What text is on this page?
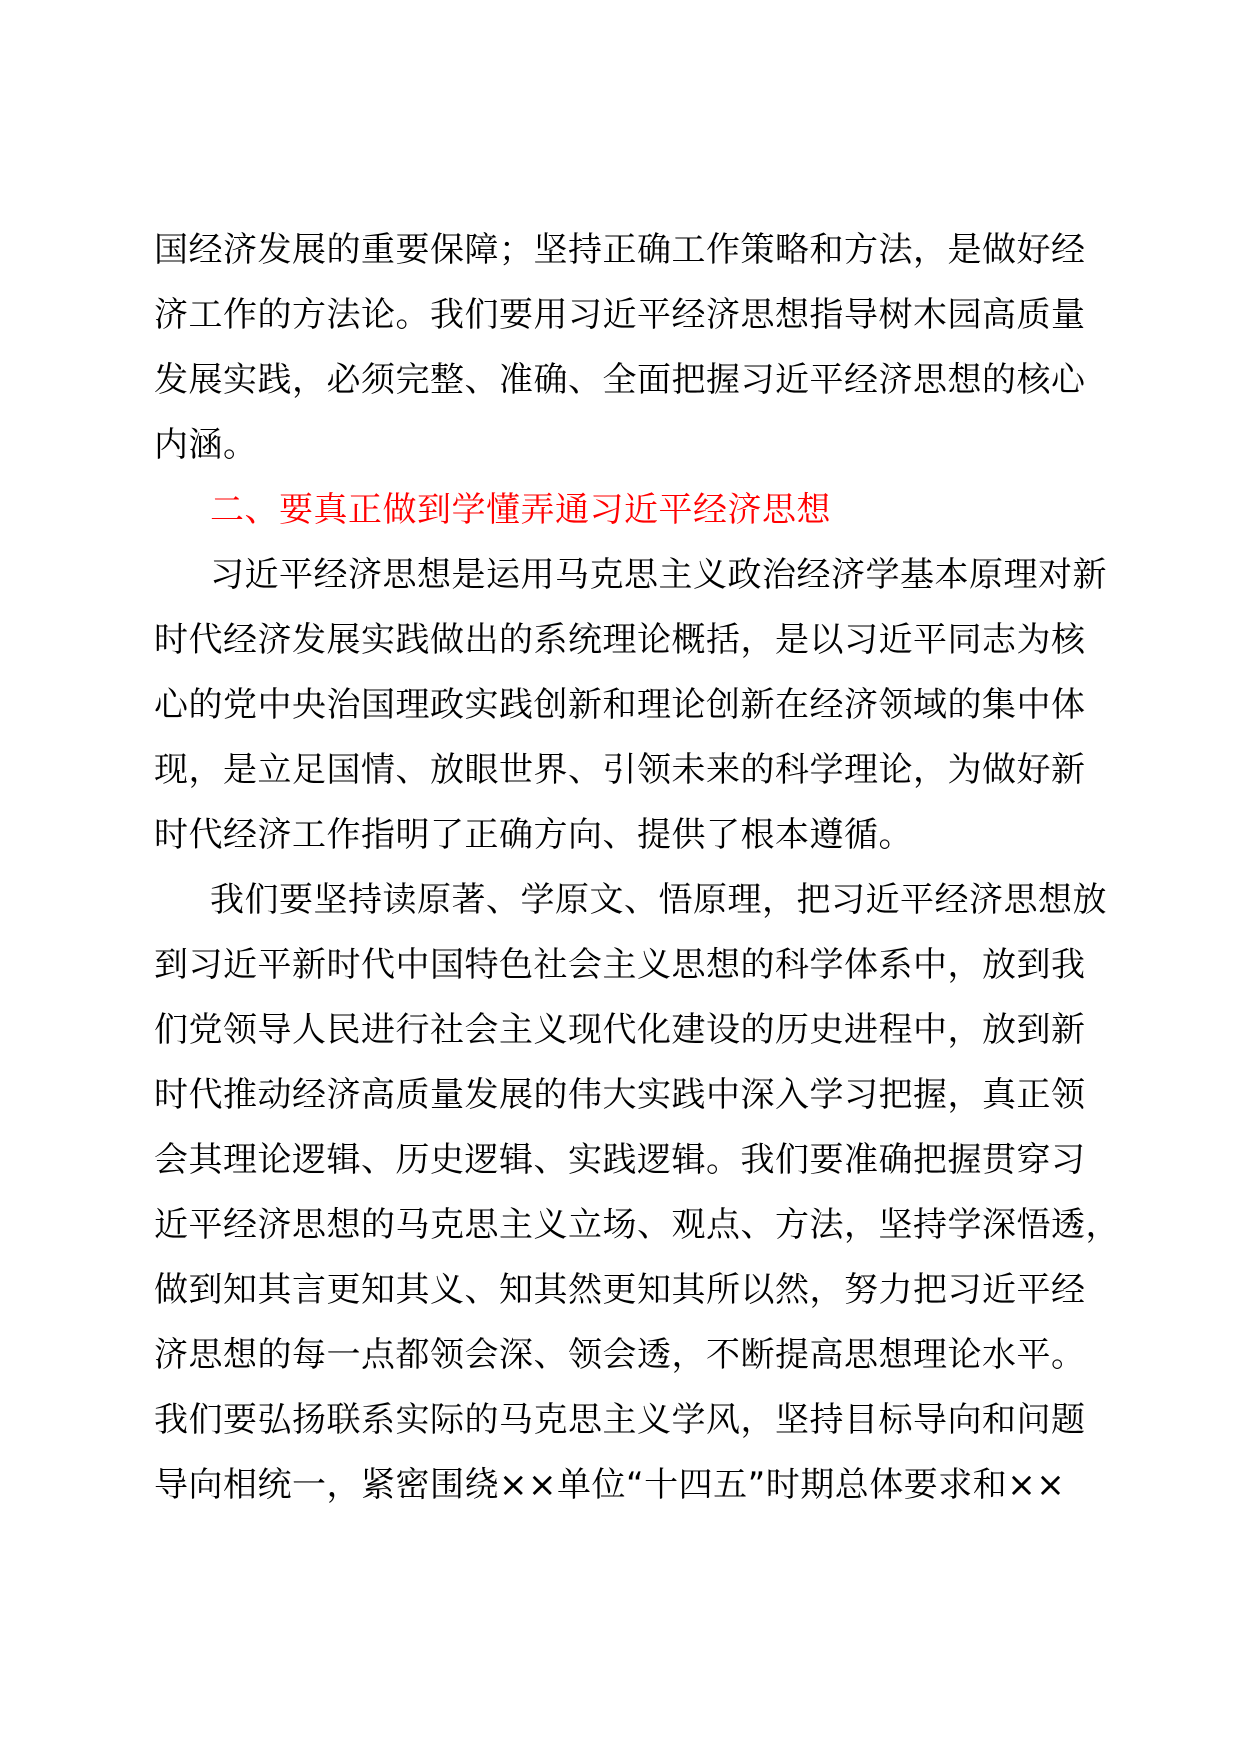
国经济发展的重要保障；坚持正确工作策略和方法，是做好经
济工作的方法论。我们要用习近平经济思想指导树木园高质量
发展实践，必须完整、准确、全面把握习近平经济思想的核心
内涵。
二、要真正做到学懂弄通习近平经济思想
习近平经济思想是运用马克思主义政治经济学基本原理对新
时代经济发展实践做出的系统理论概括，是以习近平同志为核
心的党中央治国理政实践创新和理论创新在经济领域的集中体
现，是立足国情、放眼世界、引领未来的科学理论，为做好新
时代经济工作指明了正确方向、提供了根本遵循。
我们要坚持读原著、学原文、悟原理，把习近平经济思想放
到习近平新时代中国特色社会主义思想的科学体系中，放到我
们党领导人民进行社会主义现代化建设的历史进程中，放到新
时代推动经济高质量发展的伟大实践中深入学习把握，真正领
会其理论逻辑、历史逻辑、实践逻辑。我们要准确把握贯穿习
近平经济思想的马克思主义立场、观点、方法，坚持学深悟透，
做到知其言更知其义、知其然更知其所以然，努力把习近平经
济思想的每一点都领会深、领会透，不断提高思想理论水平。
我们要弘扬联系实际的马克思主义学风，坚持目标导向和问题
导向相统一，紧密围绕××单位“十四五”时期总体要求和××
